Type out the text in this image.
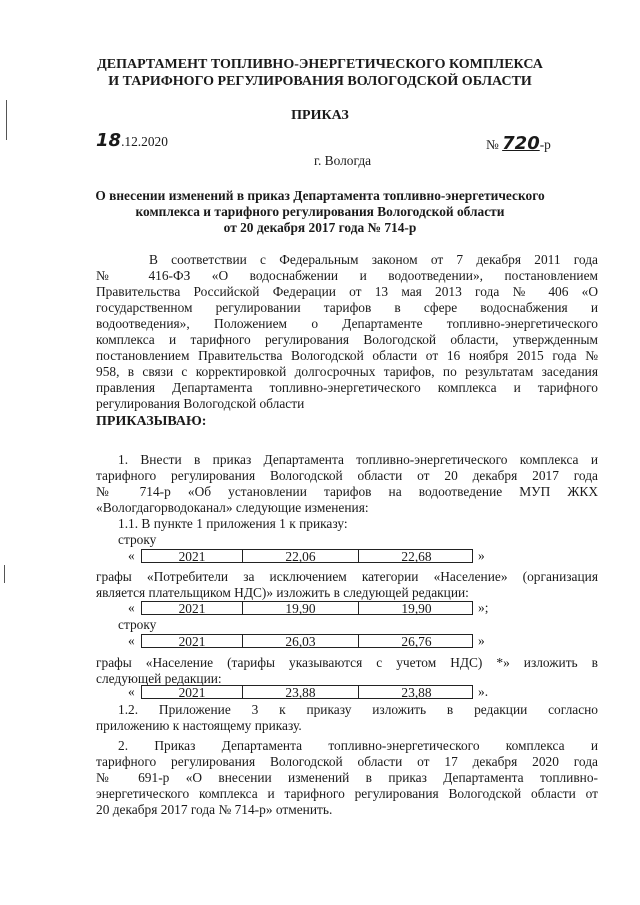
ДЕПАРТАМЕНТ ТОПЛИВНО-ЭНЕРГЕТИЧЕСКОГО КОМПЛЕКСА
И ТАРИФНОГО РЕГУЛИРОВАНИЯ ВОЛОГОДСКОЙ ОБЛАСТИ
ПРИКАЗ
18.12.2020	№ 720-р
г. Вологда
О внесении изменений в приказ Департамента топливно-энергетического
комплекса и тарифного регулирования Вологодской области
от 20 декабря 2017 года № 714-р
В соответствии с Федеральным законом от 7 декабря 2011 года
№ 416-ФЗ «О водоснабжении и водоотведении», постановлением
Правительства Российской Федерации от 13 мая 2013 года № 406 «О
государственном регулировании тарифов в сфере водоснабжения и
водоотведения», Положением о Департаменте топливно-энергетического
комплекса и тарифного регулирования Вологодской области, утвержденным
постановлением Правительства Вологодской области от 16 ноября 2015 года №
958, в связи с корректировкой долгосрочных тарифов, по результатам заседания
правления Департамента топливно-энергетического комплекса и тарифного
регулирования Вологодской области
ПРИКАЗЫВАЮ:
1. Внести в приказ Департамента топливно-энергетического комплекса и
тарифного регулирования Вологодской области от 20 декабря 2017 года
№ 714-р «Об установлении тарифов на водоотведение МУП ЖКХ
«Вологдагорводоканал» следующие изменения:
1.1. В пункте 1 приложения 1 к приказу:
строку
«	2021	22,06	22,68	»
графы «Потребители за исключением категории «Население» (организация
является плательщиком НДС)» изложить в следующей редакции:
«	2021	19,90	19,90	»;
строку
«	2021	26,03	26,76	»
графы «Население (тарифы указываются с учетом НДС) *» изложить в
следующей редакции:
«	2021	23,88	23,88	».
1.2. Приложение 3 к приказу изложить в редакции согласно
приложению к настоящему приказу.
2. Приказ Департамента топливно-энергетического комплекса и
тарифного регулирования Вологодской области от 17 декабря 2020 года
№ 691-р «О внесении изменений в приказ Департамента топливно-
энергетического комплекса и тарифного регулирования Вологодской области от
20 декабря 2017 года № 714-р» отменить.
